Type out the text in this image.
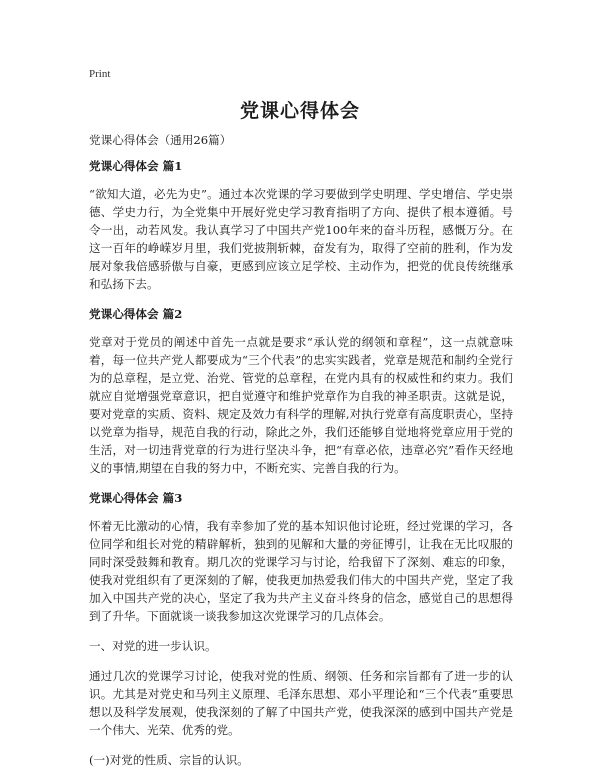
Print
党课心得体会

党课心得体会（通用26篇）

党课心得体会 篇1

“欲知大道，必先为史”。通过本次党课的学习要做到学史明理、学史增信、学史崇德、学史力行，为全党集中开展好党史学习教育指明了方向、提供了根本遵循。号令一出，动若风发。我认真学习了中国共产党100年来的奋斗历程，感慨万分。在这一百年的峥嵘岁月里，我们党披荆斩棘，奋发有为，取得了空前的胜利，作为发展对象我倍感骄傲与自豪，更感到应该立足学校、主动作为，把党的优良传统继承和弘扬下去。

党课心得体会 篇2

党章对于党员的阐述中首先一点就是要求“承认党的纲领和章程”，这一点就意味着，每一位共产党人都要成为“三个代表”的忠实实践者，党章是规范和制约全党行为的总章程，是立党、治党、管党的总章程，在党内具有的权威性和约束力。我们就应自觉增强党章意识，把自觉遵守和维护党章作为自我的神圣职责。这就是说，要对党章的实质、资料、规定及效力有科学的理解,对执行党章有高度职责心，坚持以党章为指导，规范自我的行动，除此之外，我们还能够自觉地将党章应用于党的生活，对一切违背党章的行为进行坚决斗争，把“有章必依，违章必究”看作天经地义的事情,期望在自我的努力中，不断充实、完善自我的行为。

党课心得体会 篇3

怀着无比激动的心情，我有幸参加了党的基本知识他讨论班，经过党课的学习，各位同学和组长对党的精辟解析，独到的见解和大量的旁征博引，让我在无比叹服的同时深受鼓舞和教育。期几次的党课学习与讨论，给我留下了深刻、难忘的印象，使我对党组织有了更深刻的了解，使我更加热爱我们伟大的中国共产党，坚定了我加入中国共产党的决心，坚定了我为共产主义奋斗终身的信念，感觉自己的思想得到了升华。下面就谈一谈我参加这次党课学习的几点体会。

一、对党的进一步认识。

通过几次的党课学习讨论，使我对党的性质、纲领、任务和宗旨都有了进一步的认识。尤其是对党史和马列主义原理、毛泽东思想、邓小平理论和“三个代表”重要思想以及科学发展观，使我深刻的了解了中国共产党，使我深深的感到中国共产党是一个伟大、光荣、优秀的党。

(一)对党的性质、宗旨的认识。
